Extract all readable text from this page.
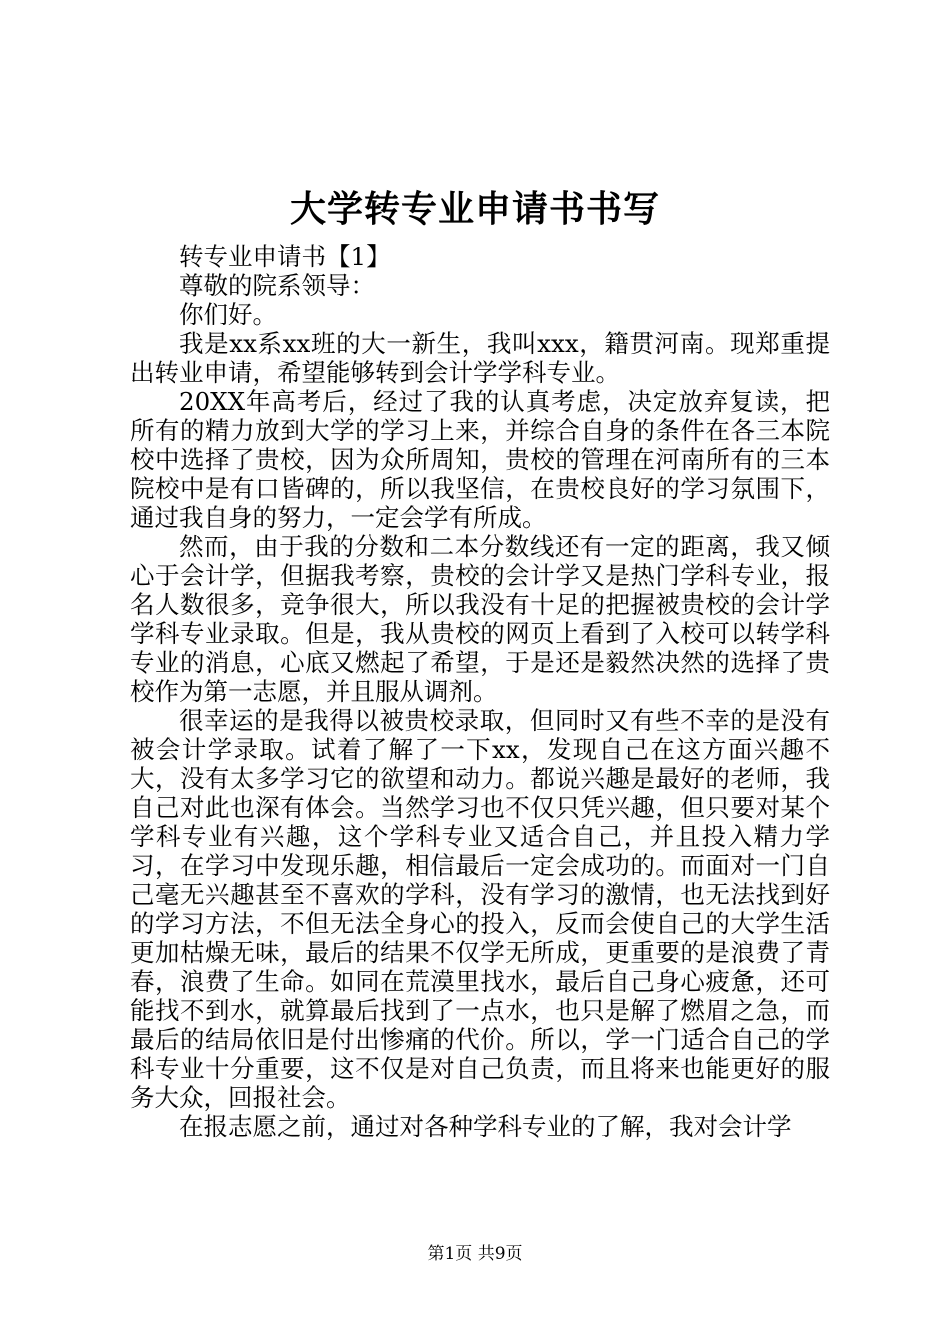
大学转专业申请书书写

转专业申请书【1】

尊敬的院系领导：

你们好。

我是xx系xx班的大一新生，我叫xxx，籍贯河南。现郑重提出转业申请，希望能够转到会计学学科专业。

20XX年高考后，经过了我的认真考虑，决定放弃复读，把所有的精力放到大学的学习上来，并综合自身的条件在各三本院校中选择了贵校，因为众所周知，贵校的管理在河南所有的三本院校中是有口皆碑的，所以我坚信，在贵校良好的学习氛围下，通过我自身的努力，一定会学有所成。

然而，由于我的分数和二本分数线还有一定的距离，我又倾心于会计学，但据我考察，贵校的会计学又是热门学科专业，报名人数很多，竞争很大，所以我没有十足的把握被贵校的会计学学科专业录取。但是，我从贵校的网页上看到了入校可以转学科专业的消息，心底又燃起了希望，于是还是毅然决然的选择了贵校作为第一志愿，并且服从调剂。

很幸运的是我得以被贵校录取，但同时又有些不幸的是没有被会计学录取。试着了解了一下xx，发现自己在这方面兴趣不大，没有太多学习它的欲望和动力。都说兴趣是最好的老师，我自己对此也深有体会。当然学习也不仅只凭兴趣，但只要对某个学科专业有兴趣，这个学科专业又适合自己，并且投入精力学习，在学习中发现乐趣，相信最后一定会成功的。而面对一门自己毫无兴趣甚至不喜欢的学科，没有学习的激情，也无法找到好的学习方法，不但无法全身心的投入，反而会使自己的大学生活更加枯燥无味，最后的结果不仅学无所成，更重要的是浪费了青春，浪费了生命。如同在荒漠里找水，最后自己身心疲惫，还可能找不到水，就算最后找到了一点水，也只是解了燃眉之急，而最后的结局依旧是付出惨痛的代价。所以，学一门适合自己的学科专业十分重要，这不仅是对自己负责，而且将来也能更好的服务大众，回报社会。

在报志愿之前，通过对各种学科专业的了解，我对会计学

第1页 共9页
